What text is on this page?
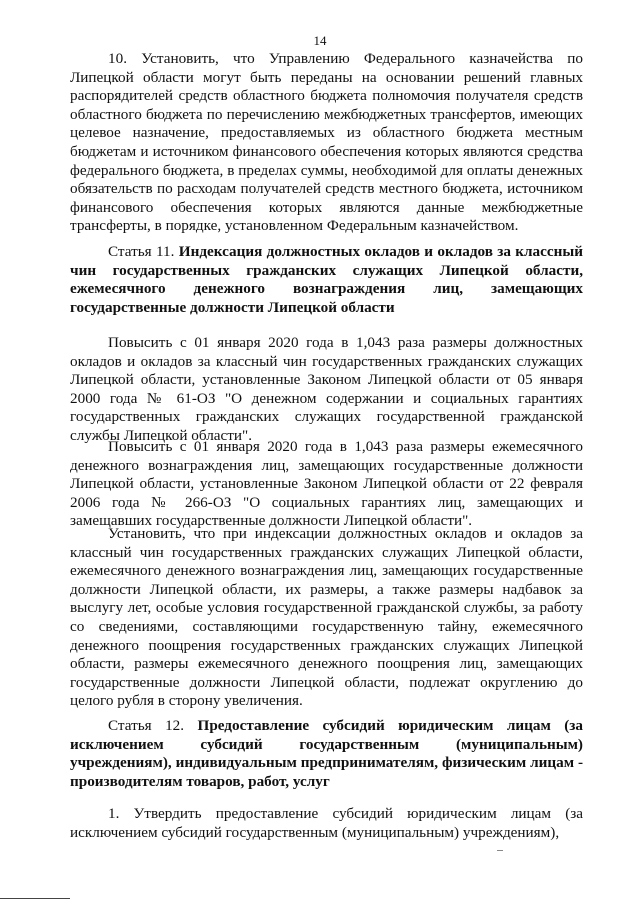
14
10. Установить, что Управлению Федерального казначейства по Липецкой области могут быть переданы на основании решений главных распорядителей средств областного бюджета полномочия получателя средств областного бюджета по перечислению межбюджетных трансфертов, имеющих целевое назначение, предоставляемых из областного бюджета местным бюджетам и источником финансового обеспечения которых являются средства федерального бюджета, в пределах суммы, необходимой для оплаты денежных обязательств по расходам получателей средств местного бюджета, источником финансового обеспечения которых являются данные межбюджетные трансферты, в порядке, установленном Федеральным казначейством.
Статья 11. Индексация должностных окладов и окладов за классный чин государственных гражданских служащих Липецкой области, ежемесячного денежного вознаграждения лиц, замещающих государственные должности Липецкой области
Повысить с 01 января 2020 года в 1,043 раза размеры должностных окладов и окладов за классный чин государственных гражданских служащих Липецкой области, установленные Законом Липецкой области от 05 января 2000 года № 61-ОЗ "О денежном содержании и социальных гарантиях государственных гражданских служащих государственной гражданской службы Липецкой области".
Повысить с 01 января 2020 года в 1,043 раза размеры ежемесячного денежного вознаграждения лиц, замещающих государственные должности Липецкой области, установленные Законом Липецкой области от 22 февраля 2006 года № 266-ОЗ "О социальных гарантиях лиц, замещающих и замещавших государственные должности Липецкой области".
Установить, что при индексации должностных окладов и окладов за классный чин государственных гражданских служащих Липецкой области, ежемесячного денежного вознаграждения лиц, замещающих государственные должности Липецкой области, их размеры, а также размеры надбавок за выслугу лет, особые условия государственной гражданской службы, за работу со сведениями, составляющими государственную тайну, ежемесячного денежного поощрения государственных гражданских служащих Липецкой области, размеры ежемесячного денежного поощрения лиц, замещающих государственные должности Липецкой области, подлежат округлению до целого рубля в сторону увеличения.
Статья 12. Предоставление субсидий юридическим лицам (за исключением субсидий государственным (муниципальным) учреждениям), индивидуальным предпринимателям, физическим лицам - производителям товаров, работ, услуг
1. Утвердить предоставление субсидий юридическим лицам (за исключением субсидий государственным (муниципальным) учреждениям),
